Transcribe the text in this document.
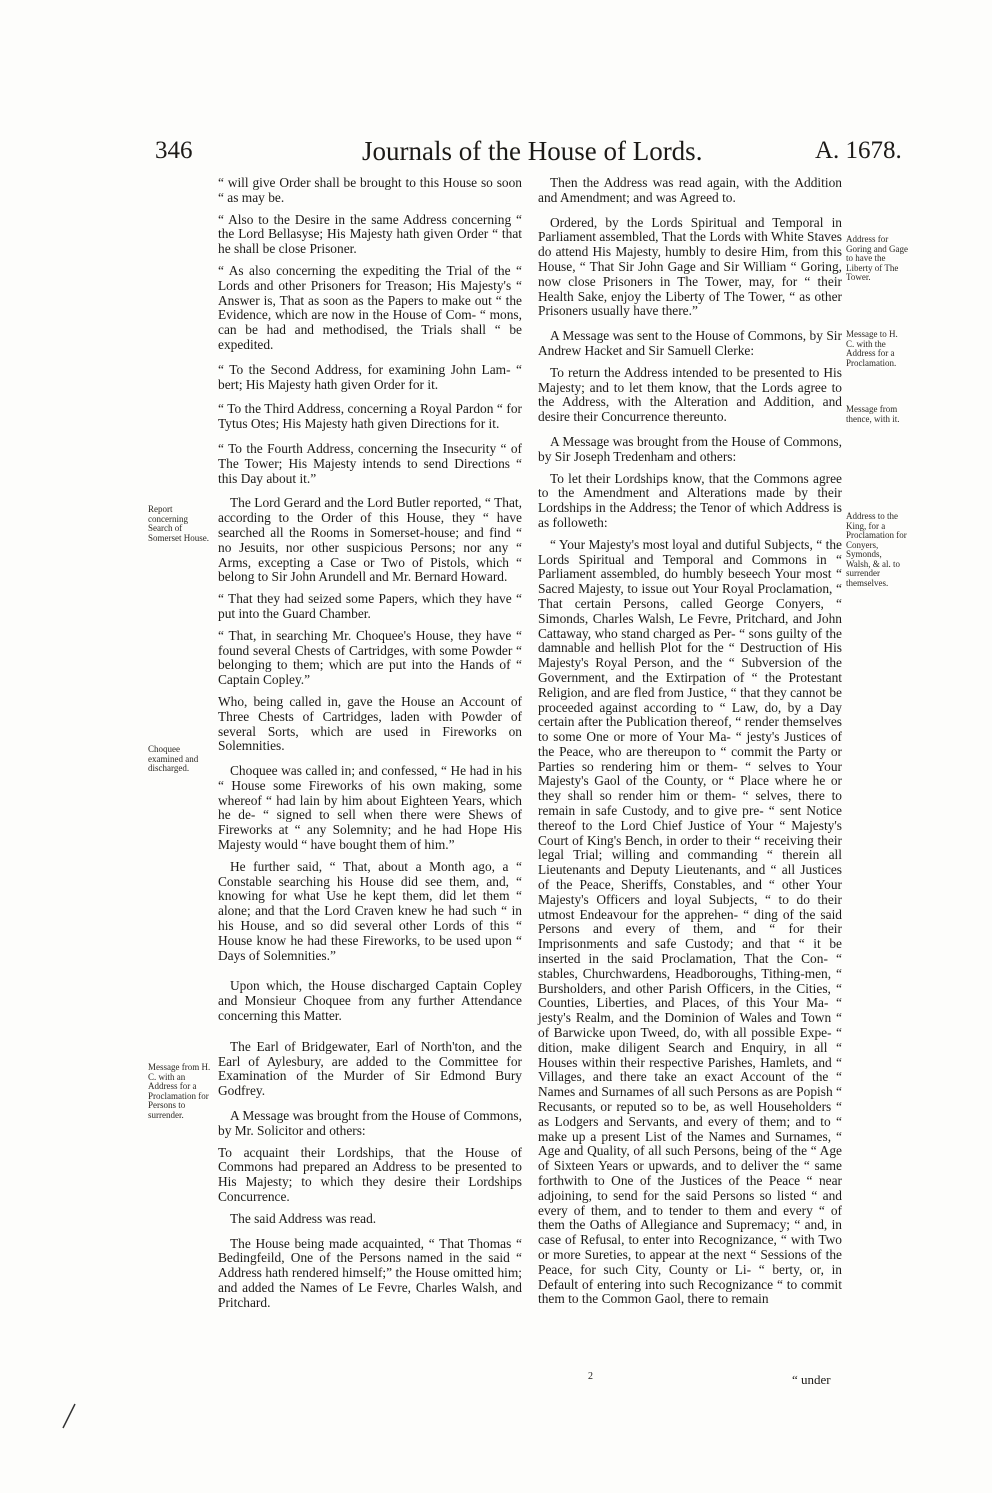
346	Journals of the House of Lords.	A. 1678.

“ will give Order shall be brought to this House so soon “ as may be.

“ Also to the Desire in the same Address concerning “ the Lord Bellasyse; His Majesty hath given Order “ that he shall be close Prisoner.

“ As also concerning the expediting the Trial of the “ Lords and other Prisoners for Treason; His Majesty's “ Answer is, That as soon as the Papers to make out “ the Evidence, which are now in the House of Com- “ mons, can be had and methodised, the Trials shall “ be expedited.

“ To the Second Address, for examining John Lam- “ bert; His Majesty hath given Order for it.

“ To the Third Address, concerning a Royal Pardon “ for Tytus Otes; His Majesty hath given Directions for it.

“ To the Fourth Address, concerning the Insecurity “ of The Tower; His Majesty intends to send Directions “ this Day about it.”

The Lord Gerard and the Lord Butler reported, “ That, according to the Order of this House, they “ have searched all the Rooms in Somerset-house; and find “ no Jesuits, nor other suspicious Persons; nor any “ Arms, excepting a Case or Two of Pistols, which “ belong to Sir John Arundell and Mr. Bernard Howard.

“ That they had seized some Papers, which they have “ put into the Guard Chamber.

“ That, in searching Mr. Choquee's House, they have “ found several Chests of Cartridges, with some Powder “ belonging to them; which are put into the Hands of “ Captain Copley.”

Who, being called in, gave the House an Account of Three Chests of Cartridges, laden with Powder of several Sorts, which are used in Fireworks on Solemnities.

Choquee was called in; and confessed, “ He had in his “ House some Fireworks of his own making, some whereof “ had lain by him about Eighteen Years, which he de- “ signed to sell when there were Shews of Fireworks at “ any Solemnity; and he had Hope His Majesty would “ have bought them of him.”

He further said, “ That, about a Month ago, a “ Constable searching his House did see them, and, “ knowing for what Use he kept them, did let them “ alone; and that the Lord Craven knew he had such “ in his House, and so did several other Lords of this “ House know he had these Fireworks, to be used upon “ Days of Solemnities.”

Upon which, the House discharged Captain Copley and Monsieur Choquee from any further Attendance concerning this Matter.

The Earl of Bridgewater, Earl of North'ton, and the Earl of Aylesbury, are added to the Committee for Examination of the Murder of Sir Edmond Bury Godfrey.

A Message was brought from the House of Commons, by Mr. Solicitor and others:

To acquaint their Lordships, that the House of Commons had prepared an Address to be presented to His Majesty; to which they desire their Lordships Concurrence.

The said Address was read.

The House being made acquainted, “ That Thomas “ Bedingfeild, One of the Persons named in the said “ Address hath rendered himself;” the House omitted him; and added the Names of Le Fevre, Charles Walsh, and Pritchard.

Then the Address was read again, with the Addition and Amendment; and was Agreed to.

Ordered, by the Lords Spiritual and Temporal in Parliament assembled, That the Lords with White Staves do attend His Majesty, humbly to desire Him, from this House, “ That Sir John Gage and Sir William “ Goring, now close Prisoners in The Tower, may, for “ their Health Sake, enjoy the Liberty of The Tower, “ as other Prisoners usually have there.”

A Message was sent to the House of Commons, by Sir Andrew Hacket and Sir Samuell Clerke:

To return the Address intended to be presented to His Majesty; and to let them know, that the Lords agree to the Address, with the Alteration and Addition, and desire their Concurrence thereunto.

A Message was brought from the House of Commons, by Sir Joseph Tredenham and others:

To let their Lordships know, that the Commons agree to the Amendment and Alterations made by their Lordships in the Address; the Tenor of which Address is as followeth:

“ Your Majesty's most loyal and dutiful Subjects, “ the Lords Spiritual and Temporal and Commons in “ Parliament assembled, do humbly beseech Your most “ Sacred Majesty, to issue out Your Royal Proclamation, “ That certain Persons, called George Conyers, “ Simonds, Charles Walsh, Le Fevre, Pritchard, and John Cattaway, who stand charged as Per- “ sons guilty of the damnable and hellish Plot for the “ Destruction of His Majesty's Royal Person, and the “ Subversion of the Government, and the Extirpation of “ the Protestant Religion, and are fled from Justice, “ that they cannot be proceeded against according to “ Law, do, by a Day certain after the Publication thereof, “ render themselves to some One or more of Your Ma- “ jesty's Justices of the Peace, who are thereupon to “ commit the Party or Parties so rendering him or them- “ selves to Your Majesty's Gaol of the County, or “ Place where he or they shall so render him or them- “ selves, there to remain in safe Custody, and to give pre- “ sent Notice thereof to the Lord Chief Justice of Your “ Majesty's Court of King's Bench, in order to their “ receiving their legal Trial; willing and commanding “ therein all Lieutenants and Deputy Lieutenants, and “ all Justices of the Peace, Sheriffs, Constables, and “ other Your Majesty's Officers and loyal Subjects, “ to do their utmost Endeavour for the apprehen- “ ding of the said Persons and every of them, and “ for their Imprisonments and safe Custody; and that “ it be inserted in the said Proclamation, That the Con- “ stables, Churchwardens, Headboroughs, Tithing-men, “ Bursholders, and other Parish Officers, in the Cities, “ Counties, Liberties, and Places, of this Your Ma- “ jesty's Realm, and the Dominion of Wales and Town “ of Barwicke upon Tweed, do, with all possible Expe- “ dition, make diligent Search and Enquiry, in all “ Houses within their respective Parishes, Hamlets, and “ Villages, and there take an exact Account of the “ Names and Surnames of all such Persons as are Popish “ Recusants, or reputed so to be, as well Householders “ as Lodgers and Servants, and every of them; and to “ make up a present List of the Names and Surnames, “ Age and Quality, of all such Persons, being of the “ Age of Sixteen Years or upwards, and to deliver the “ same forthwith to One of the Justices of the Peace “ near adjoining, to send for the said Persons so listed “ and every of them, and to tender to them and every “ of them the Oaths of Allegiance and Supremacy; “ and, in case of Refusal, to enter into Recognizance, “ with Two or more Sureties, to appear at the next “ Sessions of the Peace, for such City, County or Li- “ berty, or, in Default of entering into such Recognizance “ to commit them to the Common Gaol, there to remain

Report concerning Search of Somerset House.
Choquee examined and discharged.
Message from H. C. with an Address for a Proclamation for Persons to surrender.
Address for Goring and Gage to have the Liberty of The Tower.
Message to H. C. with the Address for a Proclamation.
Message from thence, with it.
Address to the King, for a Proclamation for Conyers, Symonds, Walsh, & al. to surrender themselves.
2	“ under
